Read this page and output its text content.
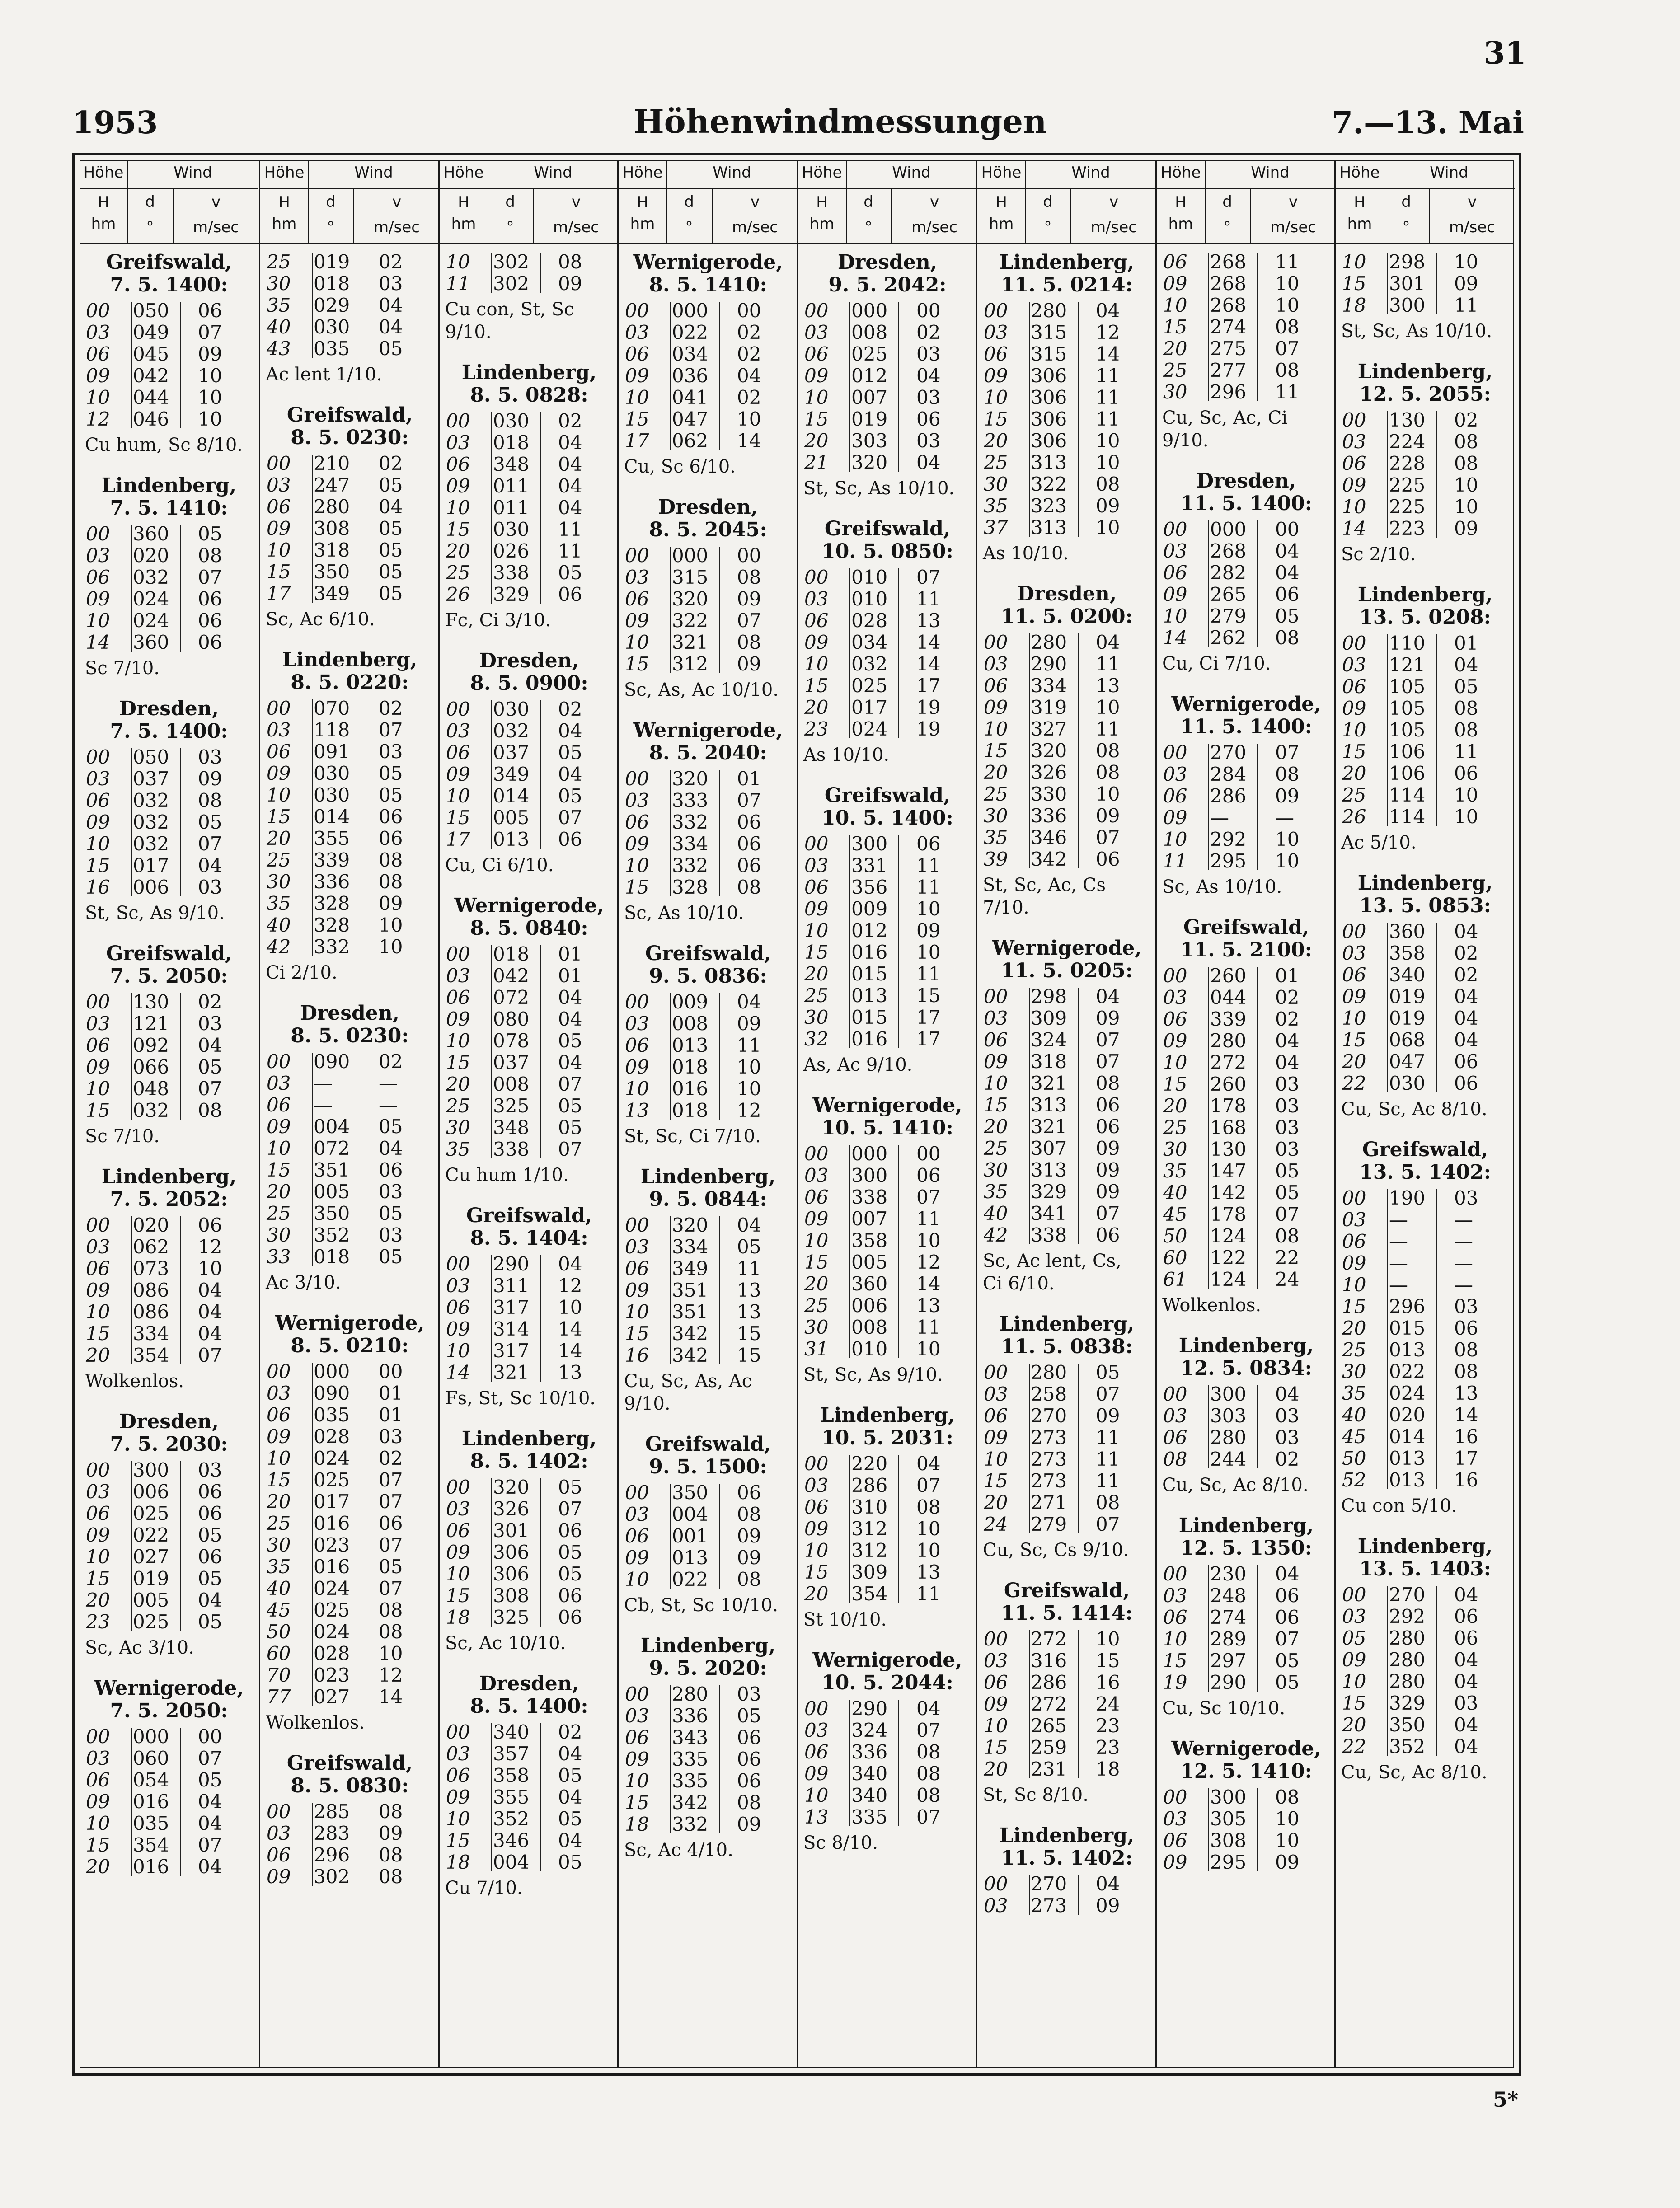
31
1953	Höhenwindmessungen	7.—13. Mai
Höhe
H
hm
Wind
d
°
v
m/sec
Greifswald,
7. 5. 1400:
00	050	06
03	049	07
06	045	09
09	042	10
10	044	10
12	046	10
Cu hum, Sc 8/10.
Lindenberg,
7. 5. 1410:
00	360	05
03	020	08
06	032	07
09	024	06
10	024	06
14	360	06
Sc 7/10.
Dresden,
7. 5. 1400:
00	050	03
03	037	09
06	032	08
09	032	05
10	032	07
15	017	04
16	006	03
St, Sc, As 9/10.
Greifswald,
7. 5. 2050:
00	130	02
03	121	03
06	092	04
09	066	05
10	048	07
15	032	08
Sc 7/10.
Lindenberg,
7. 5. 2052:
00	020	06
03	062	12
06	073	10
09	086	04
10	086	04
15	334	04
20	354	07
Wolkenlos.
Dresden,
7. 5. 2030:
00	300	03
03	006	06
06	025	06
09	022	05
10	027	06
15	019	05
20	005	04
23	025	05
Sc, Ac 3/10.
Wernigerode,
7. 5. 2050:
00	000	00
03	060	07
06	054	05
09	016	04
10	035	04
15	354	07
20	016	04
Höhe
H
hm
Wind
d
°
v
m/sec
25	019	02
30	018	03
35	029	04
40	030	04
43	035	05
Ac lent 1/10.
Greifswald,
8. 5. 0230:
00	210	02
03	247	05
06	280	04
09	308	05
10	318	05
15	350	05
17	349	05
Sc, Ac 6/10.
Lindenberg,
8. 5. 0220:
00	070	02
03	118	07
06	091	03
09	030	05
10	030	05
15	014	06
20	355	06
25	339	08
30	336	08
35	328	09
40	328	10
42	332	10
Ci 2/10.
Dresden,
8. 5. 0230:
00	090	02
03	—	—
06	—	—
09	004	05
10	072	04
15	351	06
20	005	03
25	350	05
30	352	03
33	018	05
Ac 3/10.
Wernigerode,
8. 5. 0210:
00	000	00
03	090	01
06	035	01
09	028	03
10	024	02
15	025	07
20	017	07
25	016	06
30	023	07
35	016	05
40	024	07
45	025	08
50	024	08
60	028	10
70	023	12
77	027	14
Wolkenlos.
Greifswald,
8. 5. 0830:
00	285	08
03	283	09
06	296	08
09	302	08
Höhe
H
hm
Wind
d
°
v
m/sec
10	302	08
11	302	09
Cu con, St, Sc
9/10.
Lindenberg,
8. 5. 0828:
00	030	02
03	018	04
06	348	04
09	011	04
10	011	04
15	030	11
20	026	11
25	338	05
26	329	06
Fc, Ci 3/10.
Dresden,
8. 5. 0900:
00	030	02
03	032	04
06	037	05
09	349	04
10	014	05
15	005	07
17	013	06
Cu, Ci 6/10.
Wernigerode,
8. 5. 0840:
00	018	01
03	042	01
06	072	04
09	080	04
10	078	05
15	037	04
20	008	07
25	325	05
30	348	05
35	338	07
Cu hum 1/10.
Greifswald,
8. 5. 1404:
00	290	04
03	311	12
06	317	10
09	314	14
10	317	14
14	321	13
Fs, St, Sc 10/10.
Lindenberg,
8. 5. 1402:
00	320	05
03	326	07
06	301	06
09	306	05
10	306	05
15	308	06
18	325	06
Sc, Ac 10/10.
Dresden,
8. 5. 1400:
00	340	02
03	357	04
06	358	05
09	355	04
10	352	05
15	346	04
18	004	05
Cu 7/10.
Höhe
H
hm
Wind
d
°
v
m/sec
Wernigerode,
8. 5. 1410:
00	000	00
03	022	02
06	034	02
09	036	04
10	041	02
15	047	10
17	062	14
Cu, Sc 6/10.
Dresden,
8. 5. 2045:
00	000	00
03	315	08
06	320	09
09	322	07
10	321	08
15	312	09
Sc, As, Ac 10/10.
Wernigerode,
8. 5. 2040:
00	320	01
03	333	07
06	332	06
09	334	06
10	332	06
15	328	08
Sc, As 10/10.
Greifswald,
9. 5. 0836:
00	009	04
03	008	09
06	013	11
09	018	10
10	016	10
13	018	12
St, Sc, Ci 7/10.
Lindenberg,
9. 5. 0844:
00	320	04
03	334	05
06	349	11
09	351	13
10	351	13
15	342	15
16	342	15
Cu, Sc, As, Ac
9/10.
Greifswald,
9. 5. 1500:
00	350	06
03	004	08
06	001	09
09	013	09
10	022	08
Cb, St, Sc 10/10.
Lindenberg,
9. 5. 2020:
00	280	03
03	336	05
06	343	06
09	335	06
10	335	06
15	342	08
18	332	09
Sc, Ac 4/10.
Höhe
H
hm
Wind
d
°
v
m/sec
Dresden,
9. 5. 2042:
00	000	00
03	008	02
06	025	03
09	012	04
10	007	03
15	019	06
20	303	03
21	320	04
St, Sc, As 10/10.
Greifswald,
10. 5. 0850:
00	010	07
03	010	11
06	028	13
09	034	14
10	032	14
15	025	17
20	017	19
23	024	19
As 10/10.
Greifswald,
10. 5. 1400:
00	300	06
03	331	11
06	356	11
09	009	10
10	012	09
15	016	10
20	015	11
25	013	15
30	015	17
32	016	17
As, Ac 9/10.
Wernigerode,
10. 5. 1410:
00	000	00
03	300	06
06	338	07
09	007	11
10	358	10
15	005	12
20	360	14
25	006	13
30	008	11
31	010	10
St, Sc, As 9/10.
Lindenberg,
10. 5. 2031:
00	220	04
03	286	07
06	310	08
09	312	10
10	312	10
15	309	13
20	354	11
St 10/10.
Wernigerode,
10. 5. 2044:
00	290	04
03	324	07
06	336	08
09	340	08
10	340	08
13	335	07
Sc 8/10.
Höhe
H
hm
Wind
d
°
v
m/sec
Lindenberg,
11. 5. 0214:
00	280	04
03	315	12
06	315	14
09	306	11
10	306	11
15	306	11
20	306	10
25	313	10
30	322	08
35	323	09
37	313	10
As 10/10.
Dresden,
11. 5. 0200:
00	280	04
03	290	11
06	334	13
09	319	10
10	327	11
15	320	08
20	326	08
25	330	10
30	336	09
35	346	07
39	342	06
St, Sc, Ac, Cs
7/10.
Wernigerode,
11. 5. 0205:
00	298	04
03	309	09
06	324	07
09	318	07
10	321	08
15	313	06
20	321	06
25	307	09
30	313	09
35	329	09
40	341	07
42	338	06
Sc, Ac lent, Cs,
Ci 6/10.
Lindenberg,
11. 5. 0838:
00	280	05
03	258	07
06	270	09
09	273	11
10	273	11
15	273	11
20	271	08
24	279	07
Cu, Sc, Cs 9/10.
Greifswald,
11. 5. 1414:
00	272	10
03	316	15
06	286	16
09	272	24
10	265	23
15	259	23
20	231	18
St, Sc 8/10.
Lindenberg,
11. 5. 1402:
00	270	04
03	273	09
Höhe
H
hm
Wind
d
°
v
m/sec
06	268	11
09	268	10
10	268	10
15	274	08
20	275	07
25	277	08
30	296	11
Cu, Sc, Ac, Ci
9/10.
Dresden,
11. 5. 1400:
00	000	00
03	268	04
06	282	04
09	265	06
10	279	05
14	262	08
Cu, Ci 7/10.
Wernigerode,
11. 5. 1400:
00	270	07
03	284	08
06	286	09
09	—	—
10	292	10
11	295	10
Sc, As 10/10.
Greifswald,
11. 5. 2100:
00	260	01
03	044	02
06	339	02
09	280	04
10	272	04
15	260	03
20	178	03
25	168	03
30	130	03
35	147	05
40	142	05
45	178	07
50	124	08
60	122	22
61	124	24
Wolkenlos.
Lindenberg,
12. 5. 0834:
00	300	04
03	303	03
06	280	03
08	244	02
Cu, Sc, Ac 8/10.
Lindenberg,
12. 5. 1350:
00	230	04
03	248	06
06	274	06
10	289	07
15	297	05
19	290	05
Cu, Sc 10/10.
Wernigerode,
12. 5. 1410:
00	300	08
03	305	10
06	308	10
09	295	09
Höhe
H
hm
Wind
d
°
v
m/sec
10	298	10
15	301	09
18	300	11
St, Sc, As 10/10.
Lindenberg,
12. 5. 2055:
00	130	02
03	224	08
06	228	08
09	225	10
10	225	10
14	223	09
Sc 2/10.
Lindenberg,
13. 5. 0208:
00	110	01
03	121	04
06	105	05
09	105	08
10	105	08
15	106	11
20	106	06
25	114	10
26	114	10
Ac 5/10.
Lindenberg,
13. 5. 0853:
00	360	04
03	358	02
06	340	02
09	019	04
10	019	04
15	068	04
20	047	06
22	030	06
Cu, Sc, Ac 8/10.
Greifswald,
13. 5. 1402:
00	190	03
03	—	—
06	—	—
09	—	—
10	—	—
15	296	03
20	015	06
25	013	08
30	022	08
35	024	13
40	020	14
45	014	16
50	013	17
52	013	16
Cu con 5/10.
Lindenberg,
13. 5. 1403:
00	270	04
03	292	06
05	280	06
09	280	04
10	280	04
15	329	03
20	350	04
22	352	04
Cu, Sc, Ac 8/10.
5*
